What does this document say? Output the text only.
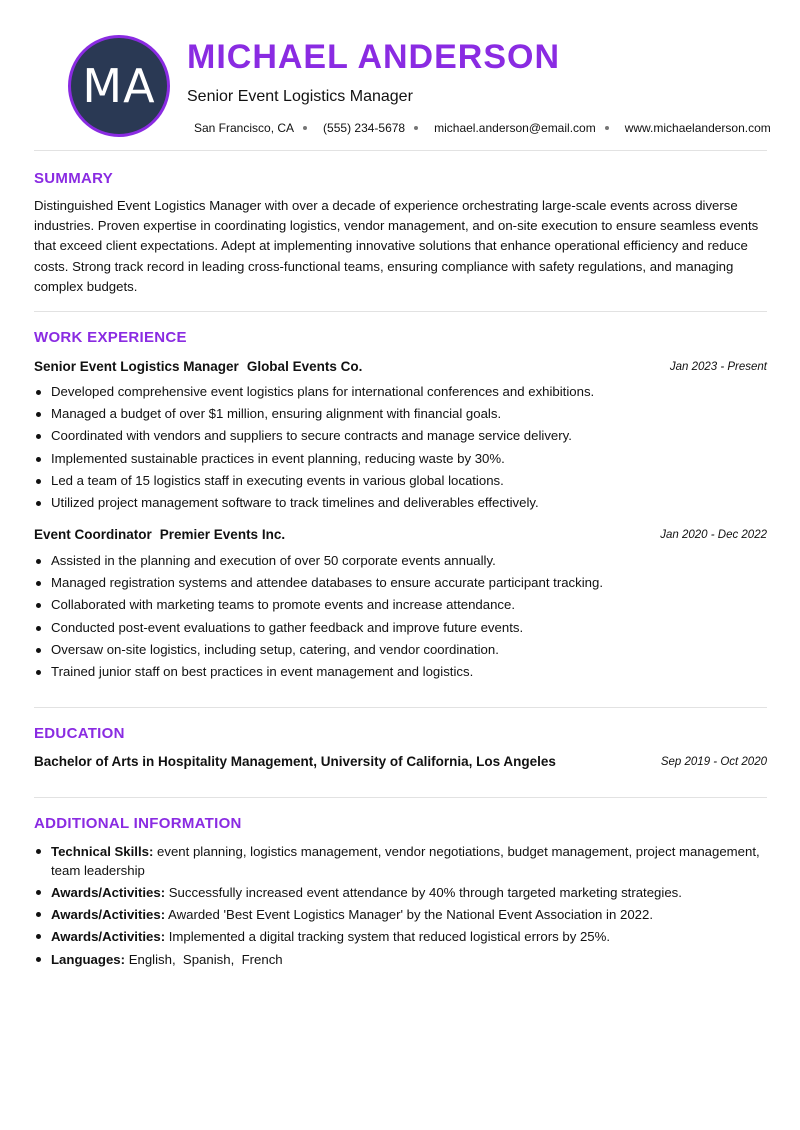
MA
MICHAEL ANDERSON
Senior Event Logistics Manager
San Francisco, CA (555) 234-5678 michael.anderson@email.com www.michaelanderson.com
SUMMARY
Distinguished Event Logistics Manager with over a decade of experience orchestrating large-scale events across diverse industries. Proven expertise in coordinating logistics, vendor management, and on-site execution to ensure seamless events that exceed client expectations. Adept at implementing innovative solutions that enhance operational efficiency and reduce costs. Strong track record in leading cross-functional teams, ensuring compliance with safety regulations, and managing complex budgets.
WORK EXPERIENCE
Senior Event Logistics Manager Global Events Co.	Jan 2023 - Present
Developed comprehensive event logistics plans for international conferences and exhibitions.
Managed a budget of over $1 million, ensuring alignment with financial goals.
Coordinated with vendors and suppliers to secure contracts and manage service delivery.
Implemented sustainable practices in event planning, reducing waste by 30%.
Led a team of 15 logistics staff in executing events in various global locations.
Utilized project management software to track timelines and deliverables effectively.
Event Coordinator Premier Events Inc.	Jan 2020 - Dec 2022
Assisted in the planning and execution of over 50 corporate events annually.
Managed registration systems and attendee databases to ensure accurate participant tracking.
Collaborated with marketing teams to promote events and increase attendance.
Conducted post-event evaluations to gather feedback and improve future events.
Oversaw on-site logistics, including setup, catering, and vendor coordination.
Trained junior staff on best practices in event management and logistics.
EDUCATION
Bachelor of Arts in Hospitality Management, University of California, Los Angeles	Sep 2019 - Oct 2020
ADDITIONAL INFORMATION
Technical Skills: event planning, logistics management, vendor negotiations, budget management, project management, team leadership
Awards/Activities: Successfully increased event attendance by 40% through targeted marketing strategies.
Awards/Activities: Awarded 'Best Event Logistics Manager' by the National Event Association in 2022.
Awards/Activities: Implemented a digital tracking system that reduced logistical errors by 25%.
Languages: English,  Spanish,  French
